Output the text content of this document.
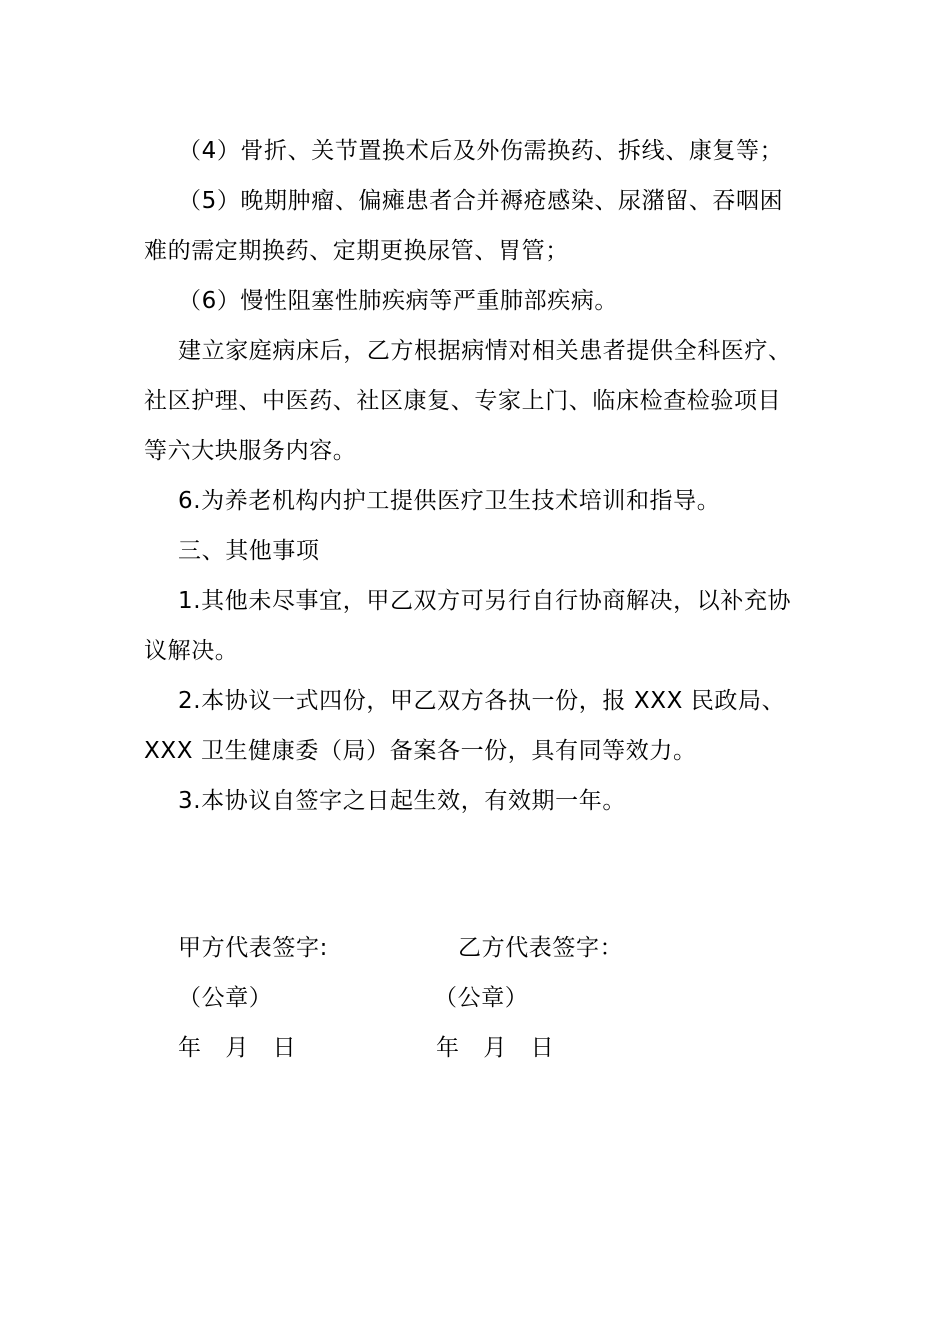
（4）骨折、关节置换术后及外伤需换药、拆线、康复等；
（5）晚期肿瘤、偏瘫患者合并褥疮感染、尿潴留、吞咽困
难的需定期换药、定期更换尿管、胃管；
（6）慢性阻塞性肺疾病等严重肺部疾病。
建立家庭病床后，乙方根据病情对相关患者提供全科医疗、
社区护理、中医药、社区康复、专家上门、临床检查检验项目
等六大块服务内容。
6.为养老机构内护工提供医疗卫生技术培训和指导。
三、其他事项
1.其他未尽事宜，甲乙双方可另行自行协商解决，以补充协
议解决。
2.本协议一式四份，甲乙双方各执一份，报 XXX 民政局、
XXX 卫生健康委（局）备案各一份，具有同等效力。
3.本协议自签字之日起生效，有效期一年。
甲方代表签字:	乙方代表签字：
（公章）	（公章）
年   月   日	年   月   日
